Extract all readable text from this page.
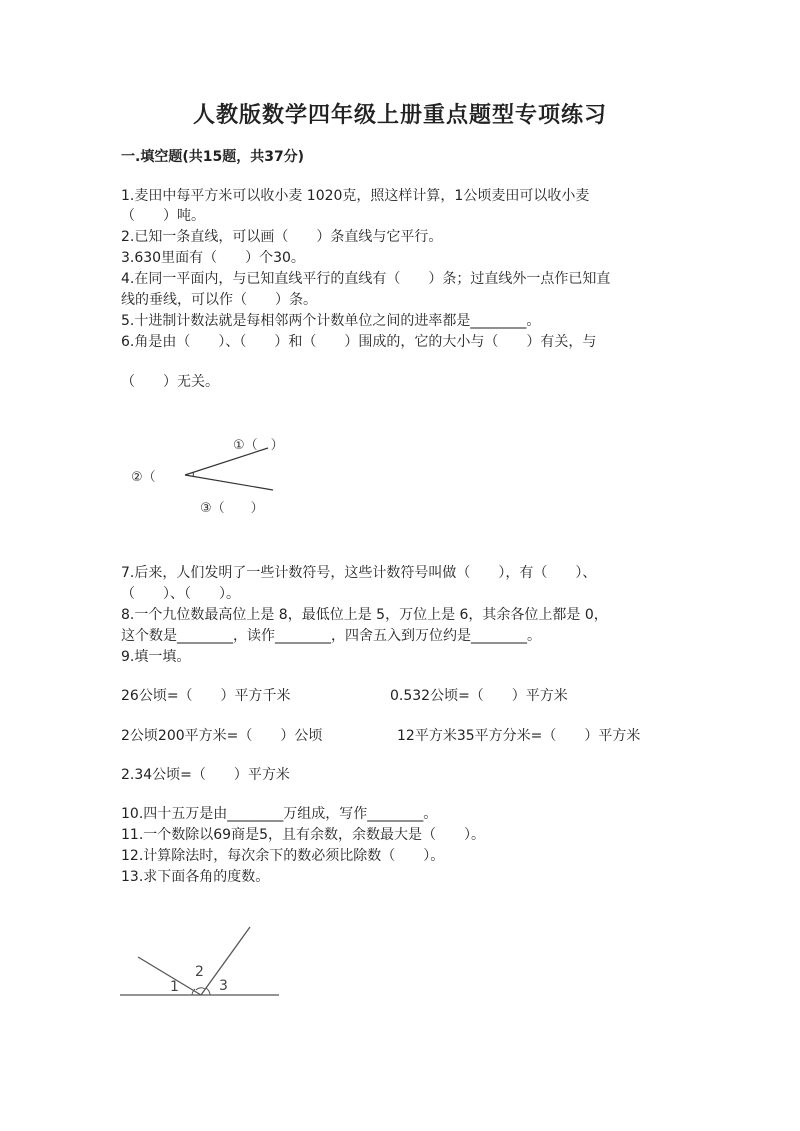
人教版数学四年级上册重点题型专项练习
一.填空题(共15题，共37分)
1.麦田中每平方米可以收小麦 1020克，照这样计算，1公顷麦田可以收小麦
（　　）吨。
2.已知一条直线，可以画（　　）条直线与它平行。
3.630里面有（　　）个30。
4.在同一平面内，与已知直线平行的直线有（　　）条；过直线外一点作已知直
线的垂线，可以作（　　）条。
5.十进制计数法就是每相邻两个计数单位之间的进率都是________。
6.角是由（　　）、（　　）和（　　）围成的，它的大小与（　　）有关，与
（　　）无关。
①（　）
②（　
③（　　）
7.后来，人们发明了一些计数符号，这些计数符号叫做（　　），有（　　）、
（　　）、（　　）。
8.一个九位数最高位上是 8，最低位上是 5，万位上是 6，其余各位上都是 0，
这个数是________，读作________，四舍五入到万位约是________。
9.填一填。
26公顷=（　　）平方千米	0.532公顷=（　　）平方米
2公顷200平方米=（　　）公顷	12平方米35平方分米=（　　）平方米
2.34公顷=（　　）平方米
10.四十五万是由________万组成，写作________。
11.一个数除以69商是5，且有余数，余数最大是（　　）。
12.计算除法时，每次余下的数必须比除数（　　）。
13.求下面各角的度数。
1
2
3
